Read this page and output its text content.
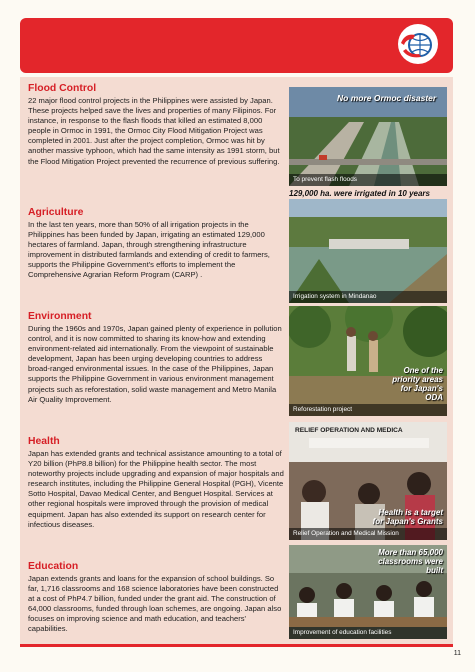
Flood Control

22 major flood control projects in the Philippines were assisted by Japan. These projects helped save the lives and properties of many Filipinos. For instance, in response to the flash floods that killed an estimated 8,000 people in Ormoc in 1991, the Ormoc City Flood Mitigation Project was completed in 2001. Just after the project completion, Ormoc was hit by another massive typhoon, which had the same intensity as 1991 storm, but the Flood Mitigation Project prevented the recurrence of previous suffering.

Agriculture

In the last ten years, more than 50% of all irrigation projects in the Philippines has been funded by Japan, irrigating an estimated 129,000 hectares of farmland. Japan, through strengthening infrastructure improvement in distributed farmlands and extending of credit to farmers, supports the Philippine Government's efforts to implement the Comprehensive Agrarian Reform Program (CARP) .

Environment

During the 1960s and 1970s, Japan gained plenty of experience in pollution control, and it is now committed to sharing its know-how and extending environment-related aid internationally. From the viewpoint of sustainable development, Japan has been urging developing countries to address broad-ranged environmental issues. In the case of the Philippines, Japan supports the Philippine Government in various environment management projects such as reforestation, solid waste management and Metro Manila Air Quality Improvement.

Health

Japan has extended grants and technical assistance amounting to a total of Y20 billion (PhP8.8 billion) for the Philippine health sector. The most noteworthy projects include upgrading and expansion of major hospitals and research institutes, including the Philippine General Hospital (PGH), Vicente Sotto Hospital, Davao Medical Center, and Benguet Hospital. Services at other regional hospitals were improved through the provision of medical equipment. Japan has also extended its support on research center for infectious diseases.

Education

Japan extends grants and loans for the expansion of school buildings. So far, 1,716 classrooms and 168 science laboratories have been constructed at a cost of PhP4.7 billion, funded under the grant aid. The construction of 64,000 classrooms, funded through loan schemes, are ongoing. Japan also focuses on improving science and math education, and teachers' capabilities.

No more Ormoc disaster
To prevent flash floods
129,000 ha. were irrigated in 10 years
Irrigation system in Mindanao
One of the priority areas for Japan's ODA
Reforestation project
RELIEF OPERATION AND MEDICA
Health is a target for Japan's Grants
Relief Operation and Medical Mission
More than 65,000 classrooms were built
Improvement of education facilities
11
